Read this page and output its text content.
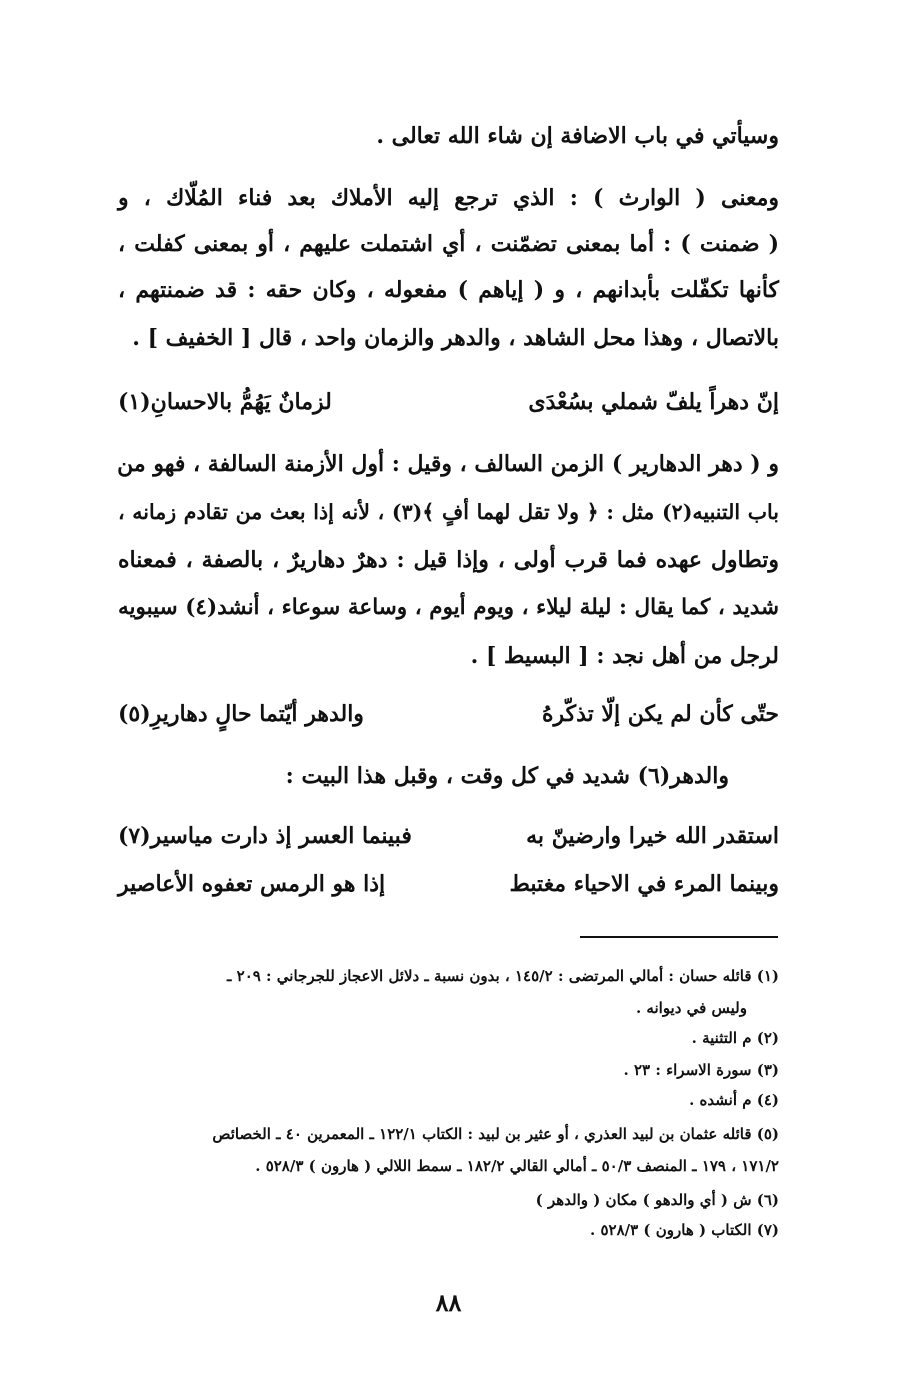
وسيأتي في باب الاضافة إن شاء الله تعالى .
ومعنى ( الوارث ) : الذي ترجع إليه الأملاك بعد فناء المُلّاك ، و
( ضمنت ) : أما بمعنى تضمّنت ، أي اشتملت عليهم ، أو بمعنى كفلت ،
كأنها تكفّلت بأبدانهم ، و ( إياهم ) مفعوله ، وكان حقه : قد ضمنتهم ،
بالاتصال ، وهذا محل الشاهد ، والدهر والزمان واحد ، قال [ الخفيف ] .
إنّ دهراً يلفّ شملي بسُعْدَى
لزمانٌ يَهُمُّ بالاحسانِ(١)
و ( دهر الدهارير ) الزمن السالف ، وقيل : أول الأزمنة السالفة ، فهو من
باب التنبيه(٢) مثل : ﴿ ولا تقل لهما أفٍ ﴾(٣) ، لأنه إذا بعث من تقادم زمانه ،
وتطاول عهده فما قرب أولى ، وإذا قيل : دهرٌ دهاريرٌ ، بالصفة ، فمعناه
شديد ، كما يقال : ليلة ليلاء ، ويوم أيوم ، وساعة سوعاء ، أنشد(٤) سيبويه
لرجل من أهل نجد : [ البسيط ] .
حتّى كأن لم يكن إلّا تذكّرهُ
والدهر أيّتما حالٍ دهاريرِ(٥)
والدهر(٦) شديد في كل وقت ، وقبل هذا البيت :
استقدر الله خيرا وارضينّ به
فبينما العسر إذ دارت مياسير(٧)
وبينما المرء في الاحياء مغتبط
إذا هو الرمس تعفوه الأعاصير
(١) قائله حسان : أمالي المرتضى : ١٤٥/٢ ، بدون نسبة ـ دلائل الاعجاز للجرجاني : ٢٠٩ ـ
وليس في ديوانه .
(٢) م التثنية .
(٣) سورة الاسراء : ٢٣ .
(٤) م أنشده .
(٥) قائله عثمان بن لبيد العذري ، أو عثير بن لبيد : الكتاب ١٢٢/١ ـ المعمرين ٤٠ ـ الخصائص
١٧١/٢ ، ١٧٩ ـ المنصف ٥٠/٣ ـ أمالي القالي ١٨٢/٢ ـ سمط اللالي ( هارون ) ٥٢٨/٣ .
(٦) ش ( أي والدهو ) مكان ( والدهر )
(٧) الكتاب ( هارون ) ٥٢٨/٣ .
٨٨
